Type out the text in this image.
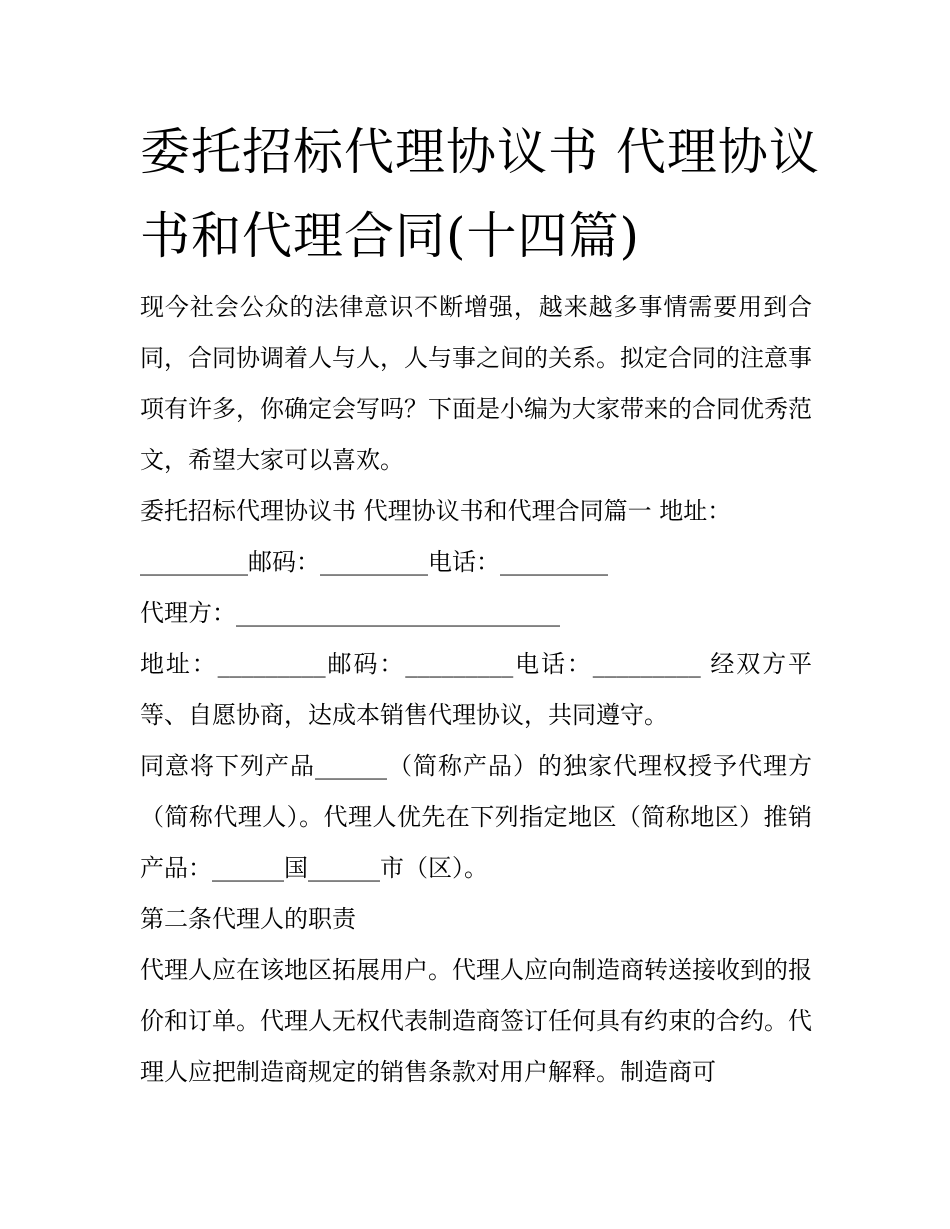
委托招标代理协议书 代理协议书和代理合同(十四篇)

现今社会公众的法律意识不断增强，越来越多事情需要用到合同，合同协调着人与人，人与事之间的关系。拟定合同的注意事项有许多，你确定会写吗？下面是小编为大家带来的合同优秀范文，希望大家可以喜欢。

委托招标代理协议书 代理协议书和代理合同篇一 地址：

_________邮码：_________电话：_________

代理方：___________________________

地址：_________邮码：_________电话：_________ 经双方平等、自愿协商，达成本销售代理协议，共同遵守。

同意将下列产品______（简称产品）的独家代理权授予代理方（简称代理人）。代理人优先在下列指定地区（简称地区）推销产品：______国______市（区）。

第二条代理人的职责

代理人应在该地区拓展用户。代理人应向制造商转送接收到的报价和订单。代理人无权代表制造商签订任何具有约束的合约。代理人应把制造商规定的销售条款对用户解释。制造商可
